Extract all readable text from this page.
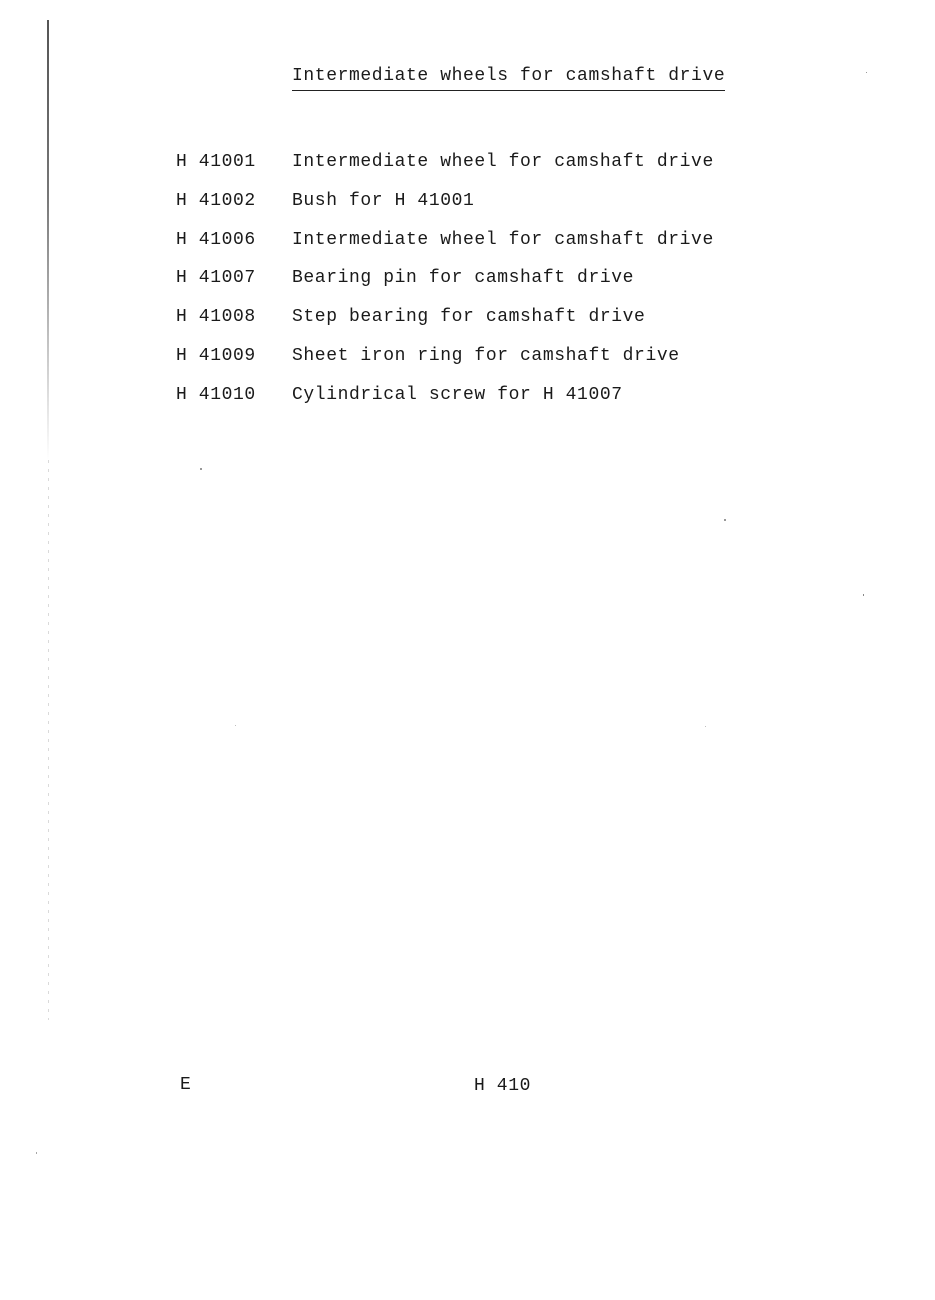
Intermediate wheels for camshaft drive
H 41001	Intermediate wheel for camshaft drive
H 41002	Bush for H 41001
H 41006	Intermediate wheel for camshaft drive
H 41007	Bearing pin for camshaft drive
H 41008	Step bearing for camshaft drive
H 41009	Sheet iron ring for camshaft drive
H 41010	Cylindrical screw for H 41007
E	H 410
